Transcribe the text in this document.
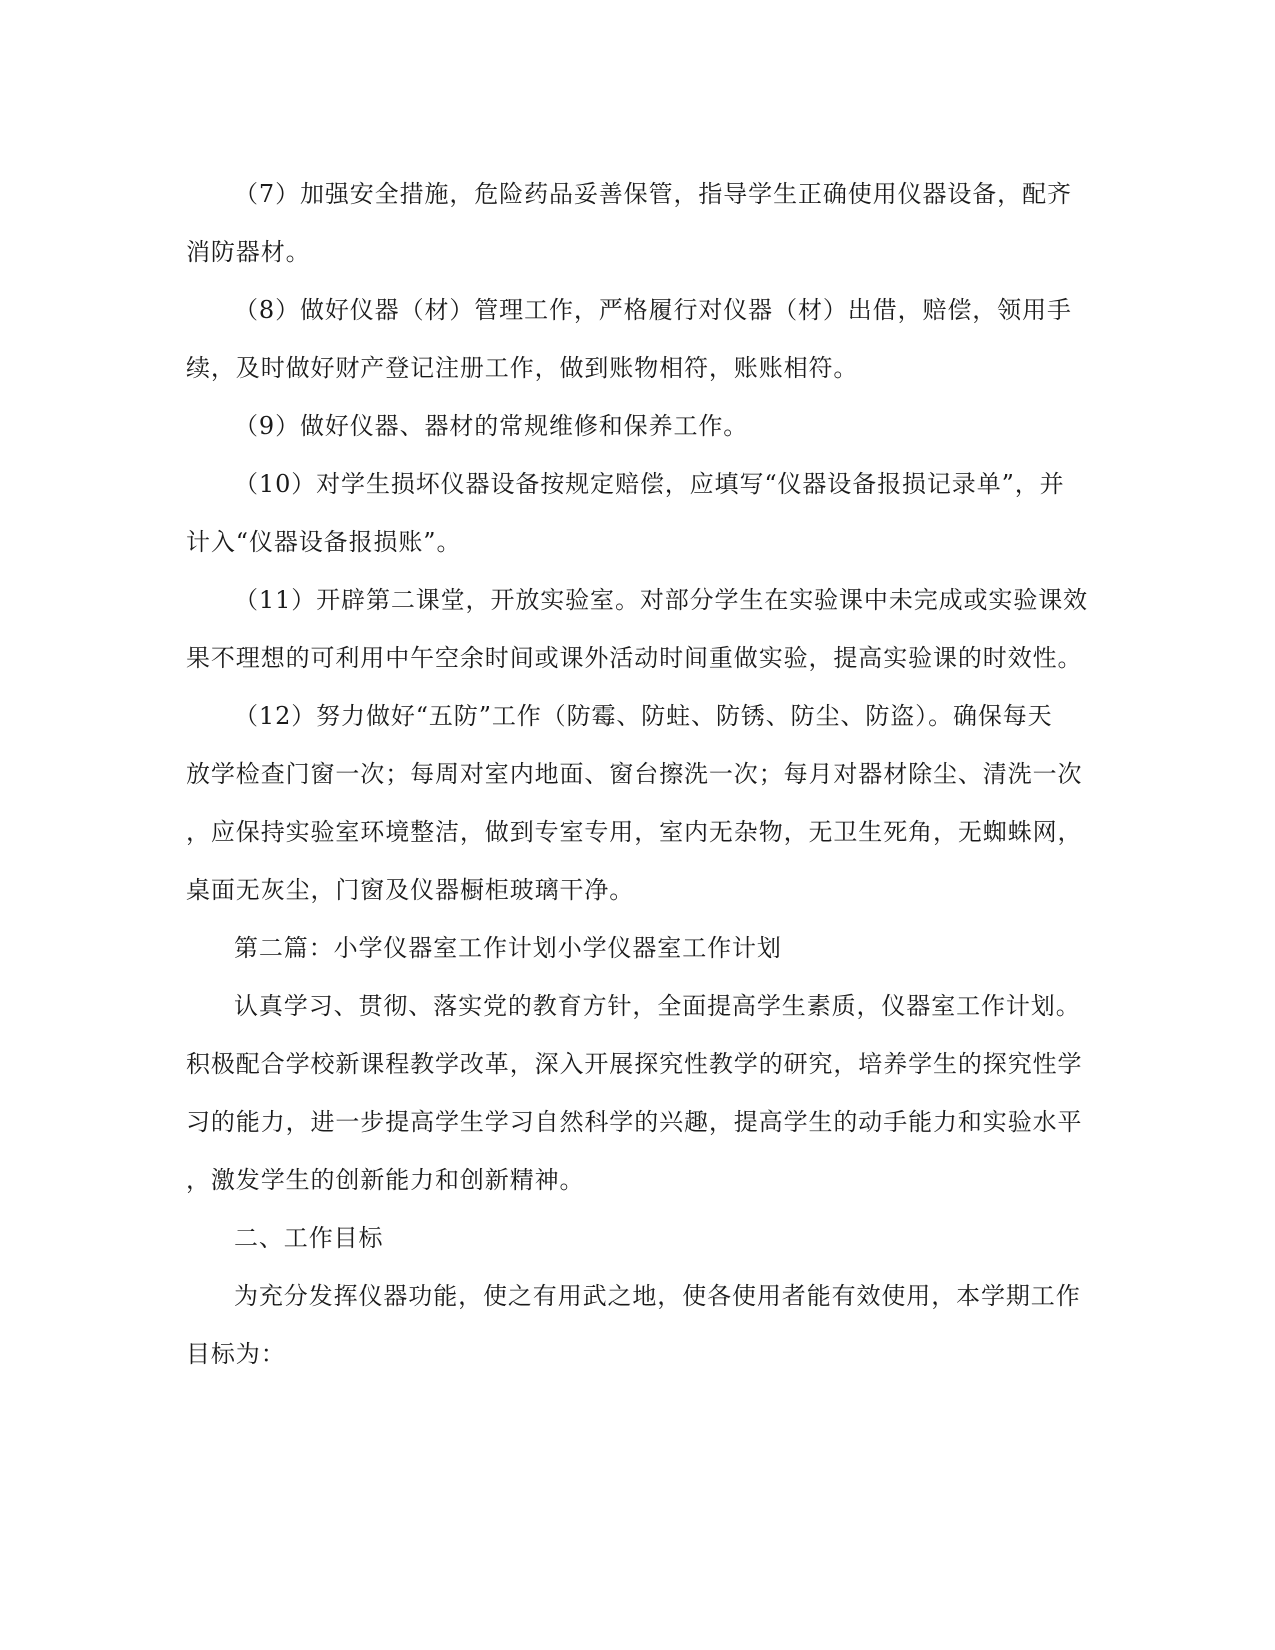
（7）加强安全措施，危险药品妥善保管，指导学生正确使用仪器设备，配齐
消防器材。
（8）做好仪器（材）管理工作，严格履行对仪器（材）出借，赔偿，领用手
续，及时做好财产登记注册工作，做到账物相符，账账相符。
（9）做好仪器、器材的常规维修和保养工作。
（10）对学生损坏仪器设备按规定赔偿，应填写“仪器设备报损记录单”，并
计入“仪器设备报损账”。
（11）开辟第二课堂，开放实验室。对部分学生在实验课中未完成或实验课效
果不理想的可利用中午空余时间或课外活动时间重做实验，提高实验课的时效性。
（12）努力做好“五防”工作（防霉、防蛀、防锈、防尘、防盗）。确保每天
放学检查门窗一次；每周对室内地面、窗台擦洗一次；每月对器材除尘、清洗一次
，应保持实验室环境整洁，做到专室专用，室内无杂物，无卫生死角，无蜘蛛网，
桌面无灰尘，门窗及仪器橱柜玻璃干净。
第二篇：小学仪器室工作计划小学仪器室工作计划
认真学习、贯彻、落实党的教育方针，全面提高学生素质，仪器室工作计划。
积极配合学校新课程教学改革，深入开展探究性教学的研究，培养学生的探究性学
习的能力，进一步提高学生学习自然科学的兴趣，提高学生的动手能力和实验水平
，激发学生的创新能力和创新精神。
二、工作目标
为充分发挥仪器功能，使之有用武之地，使各使用者能有效使用，本学期工作
目标为：
